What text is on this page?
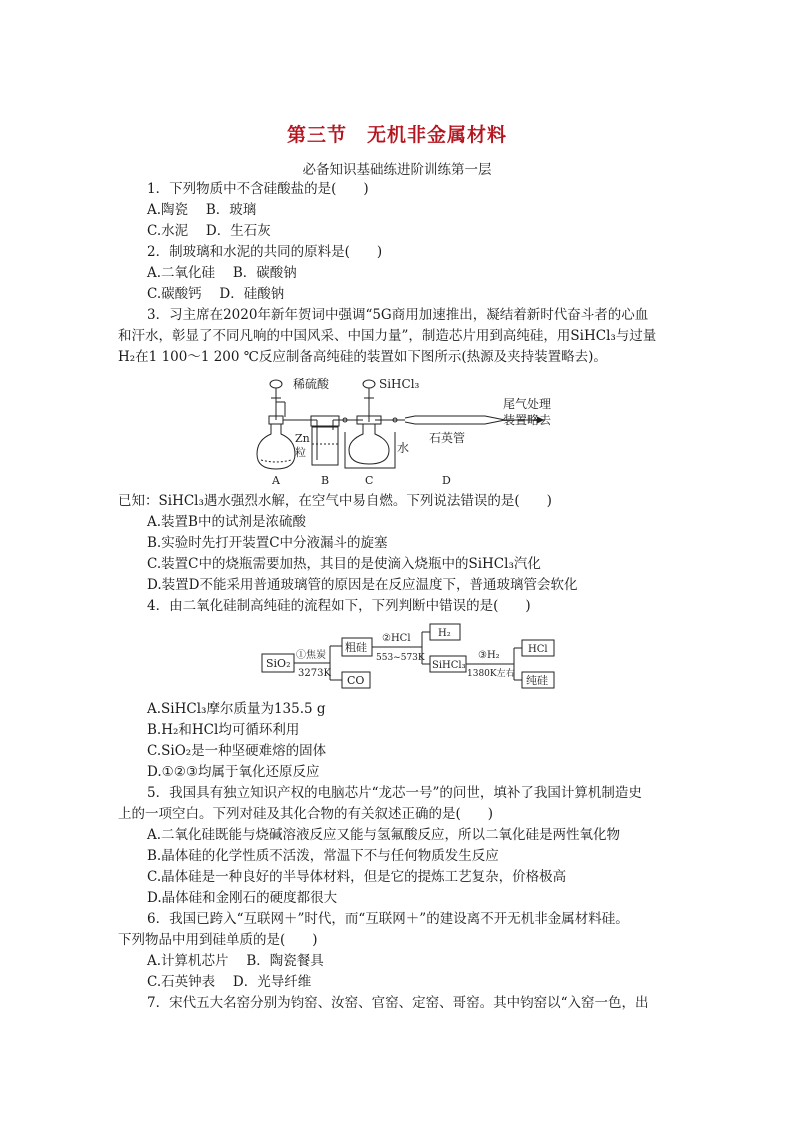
第三节　无机非金属材料
必备知识基础练进阶训练第一层
1．下列物质中不含硅酸盐的是(　　)
A.陶瓷　 B．玻璃
C.水泥　 D．生石灰
2．制玻璃和水泥的共同的原料是(　　)
A.二氧化硅　 B．碳酸钠
C.碳酸钙　 D．硅酸钠
3．习主席在2020年新年贺词中强调“5G商用加速推出，凝结着新时代奋斗者的心血
和汗水，彰显了不同凡响的中国风采、中国力量”，制造芯片用到高纯硅，用SiHCl₃与过量
H₂在1 100～1 200 ℃反应制备高纯硅的装置如下图所示(热源及夹持装置略去)。
稀硫酸
Zn
粒
SiHCl₃
水
石英管
尾气处理
装置略去
A	B	C	D
已知：SiHCl₃遇水强烈水解，在空气中易自燃。下列说法错误的是(　　)
A.装置B中的试剂是浓硫酸
B.实验时先打开装置C中分液漏斗的旋塞
C.装置C中的烧瓶需要加热，其目的是使滴入烧瓶中的SiHCl₃汽化
D.装置D不能采用普通玻璃管的原因是在反应温度下，普通玻璃管会软化
4．由二氧化硅制高纯硅的流程如下，下列判断中错误的是(　　)
SiO₂
①焦炭
3273K
粗硅
CO
②HCl
553~573K
H₂
SiHCl₃
③H₂
1380K左右
HCl
纯硅
A.SiHCl₃摩尔质量为135.5 g
B.H₂和HCl均可循环利用
C.SiO₂是一种坚硬难熔的固体
D.①②③均属于氧化还原反应
5．我国具有独立知识产权的电脑芯片“龙芯一号”的问世，填补了我国计算机制造史
上的一项空白。下列对硅及其化合物的有关叙述正确的是(　　)
A.二氧化硅既能与烧碱溶液反应又能与氢氟酸反应，所以二氧化硅是两性氧化物
B.晶体硅的化学性质不活泼，常温下不与任何物质发生反应
C.晶体硅是一种良好的半导体材料，但是它的提炼工艺复杂，价格极高
D.晶体硅和金刚石的硬度都很大
6．我国已跨入“互联网＋”时代，而“互联网＋”的建设离不开无机非金属材料硅。
下列物品中用到硅单质的是(　　)
A.计算机芯片　 B．陶瓷餐具
C.石英钟表　 D．光导纤维
7．宋代五大名窑分别为钧窑、汝窑、官窑、定窑、哥窑。其中钧窑以“入窑一色，出
